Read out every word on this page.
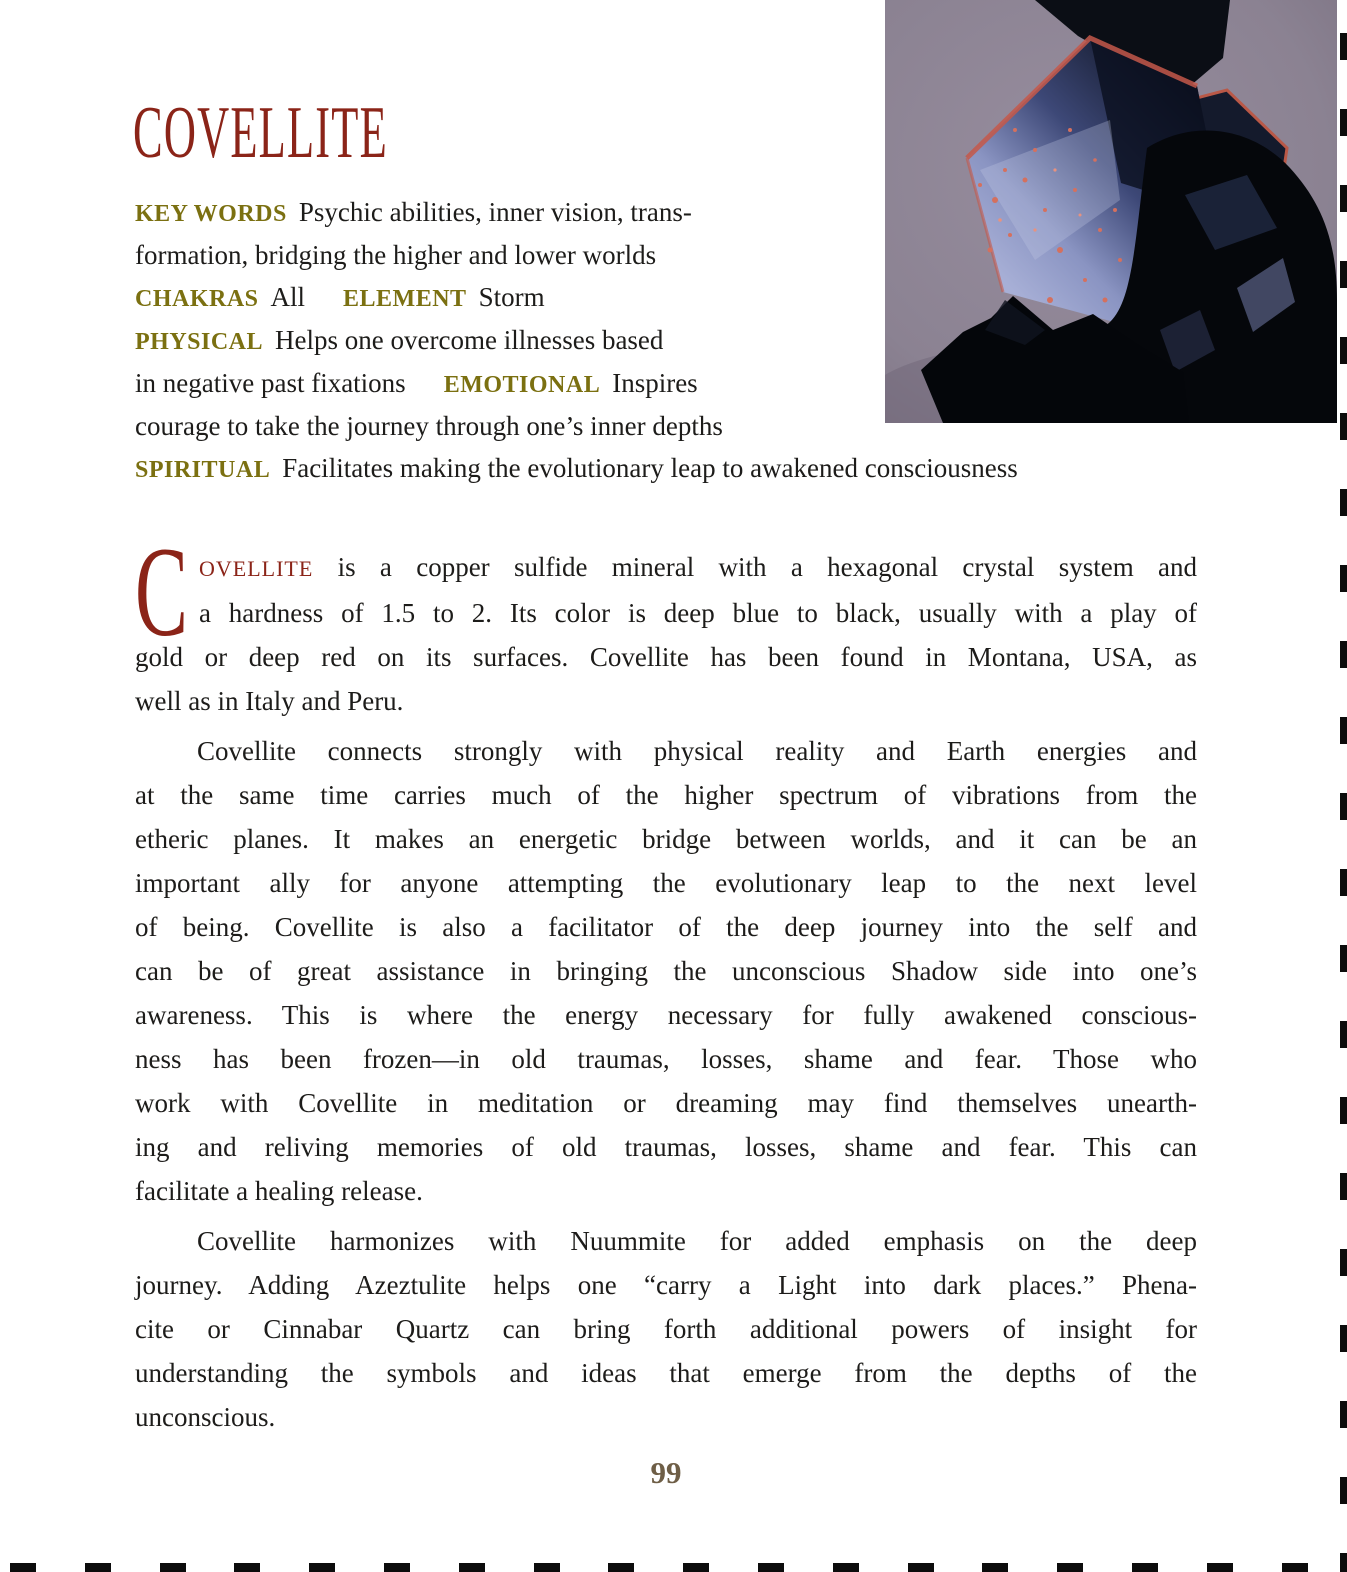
COVELLITE
KEY WORDS Psychic abilities, inner vision, trans-
formation, bridging the higher and lower worlds
CHAKRAS All ELEMENT Storm
PHYSICAL Helps one overcome illnesses based
in negative past fixations EMOTIONAL Inspires
courage to take the journey through one’s inner depths
SPIRITUAL Facilitates making the evolutionary leap to awakened consciousness
C OVELLITE is a copper sulfide mineral with a hexagonal crystal system and
a hardness of 1.5 to 2. Its color is deep blue to black, usually with a play of
gold or deep red on its surfaces. Covellite has been found in Montana, USA, as
well as in Italy and Peru.
Covellite connects strongly with physical reality and Earth energies and
at the same time carries much of the higher spectrum of vibrations from the
etheric planes. It makes an energetic bridge between worlds, and it can be an
important ally for anyone attempting the evolutionary leap to the next level
of being. Covellite is also a facilitator of the deep journey into the self and
can be of great assistance in bringing the unconscious Shadow side into one’s
awareness. This is where the energy necessary for fully awakened conscious-
ness has been frozen—in old traumas, losses, shame and fear. Those who
work with Covellite in meditation or dreaming may find themselves unearth-
ing and reliving memories of old traumas, losses, shame and fear. This can
facilitate a healing release.
Covellite harmonizes with Nuummite for added emphasis on the deep
journey. Adding Azeztulite helps one “carry a Light into dark places.” Phena-
cite or Cinnabar Quartz can bring forth additional powers of insight for
understanding the symbols and ideas that emerge from the depths of the
unconscious.
99
